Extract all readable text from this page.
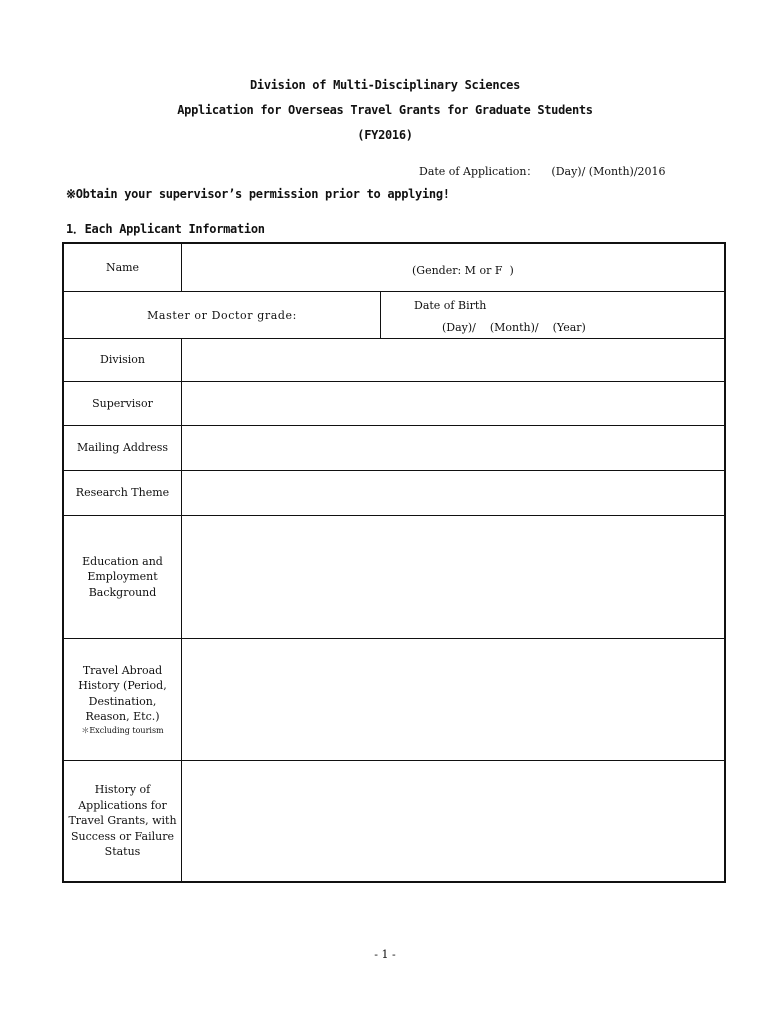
Division of Multi-Disciplinary Sciences
Application for Overseas Travel Grants for Graduate Students
(FY2016)
Date of Application：    (Day)/ (Month)/2016
※Obtain your supervisor’s permission prior to applying!
1．Each Applicant Information
Name	(Gender: M or F  )
Master or Doctor grade:
Date of Birth
(Day)/    (Month)/    (Year)
Division
Supervisor
Mailing Address
Research Theme
Education and Employment Background
Travel Abroad History (Period, Destination, Reason, Etc.)
＊Excluding tourism
History of Applications for Travel Grants, with Success or Failure Status
- 1 -
